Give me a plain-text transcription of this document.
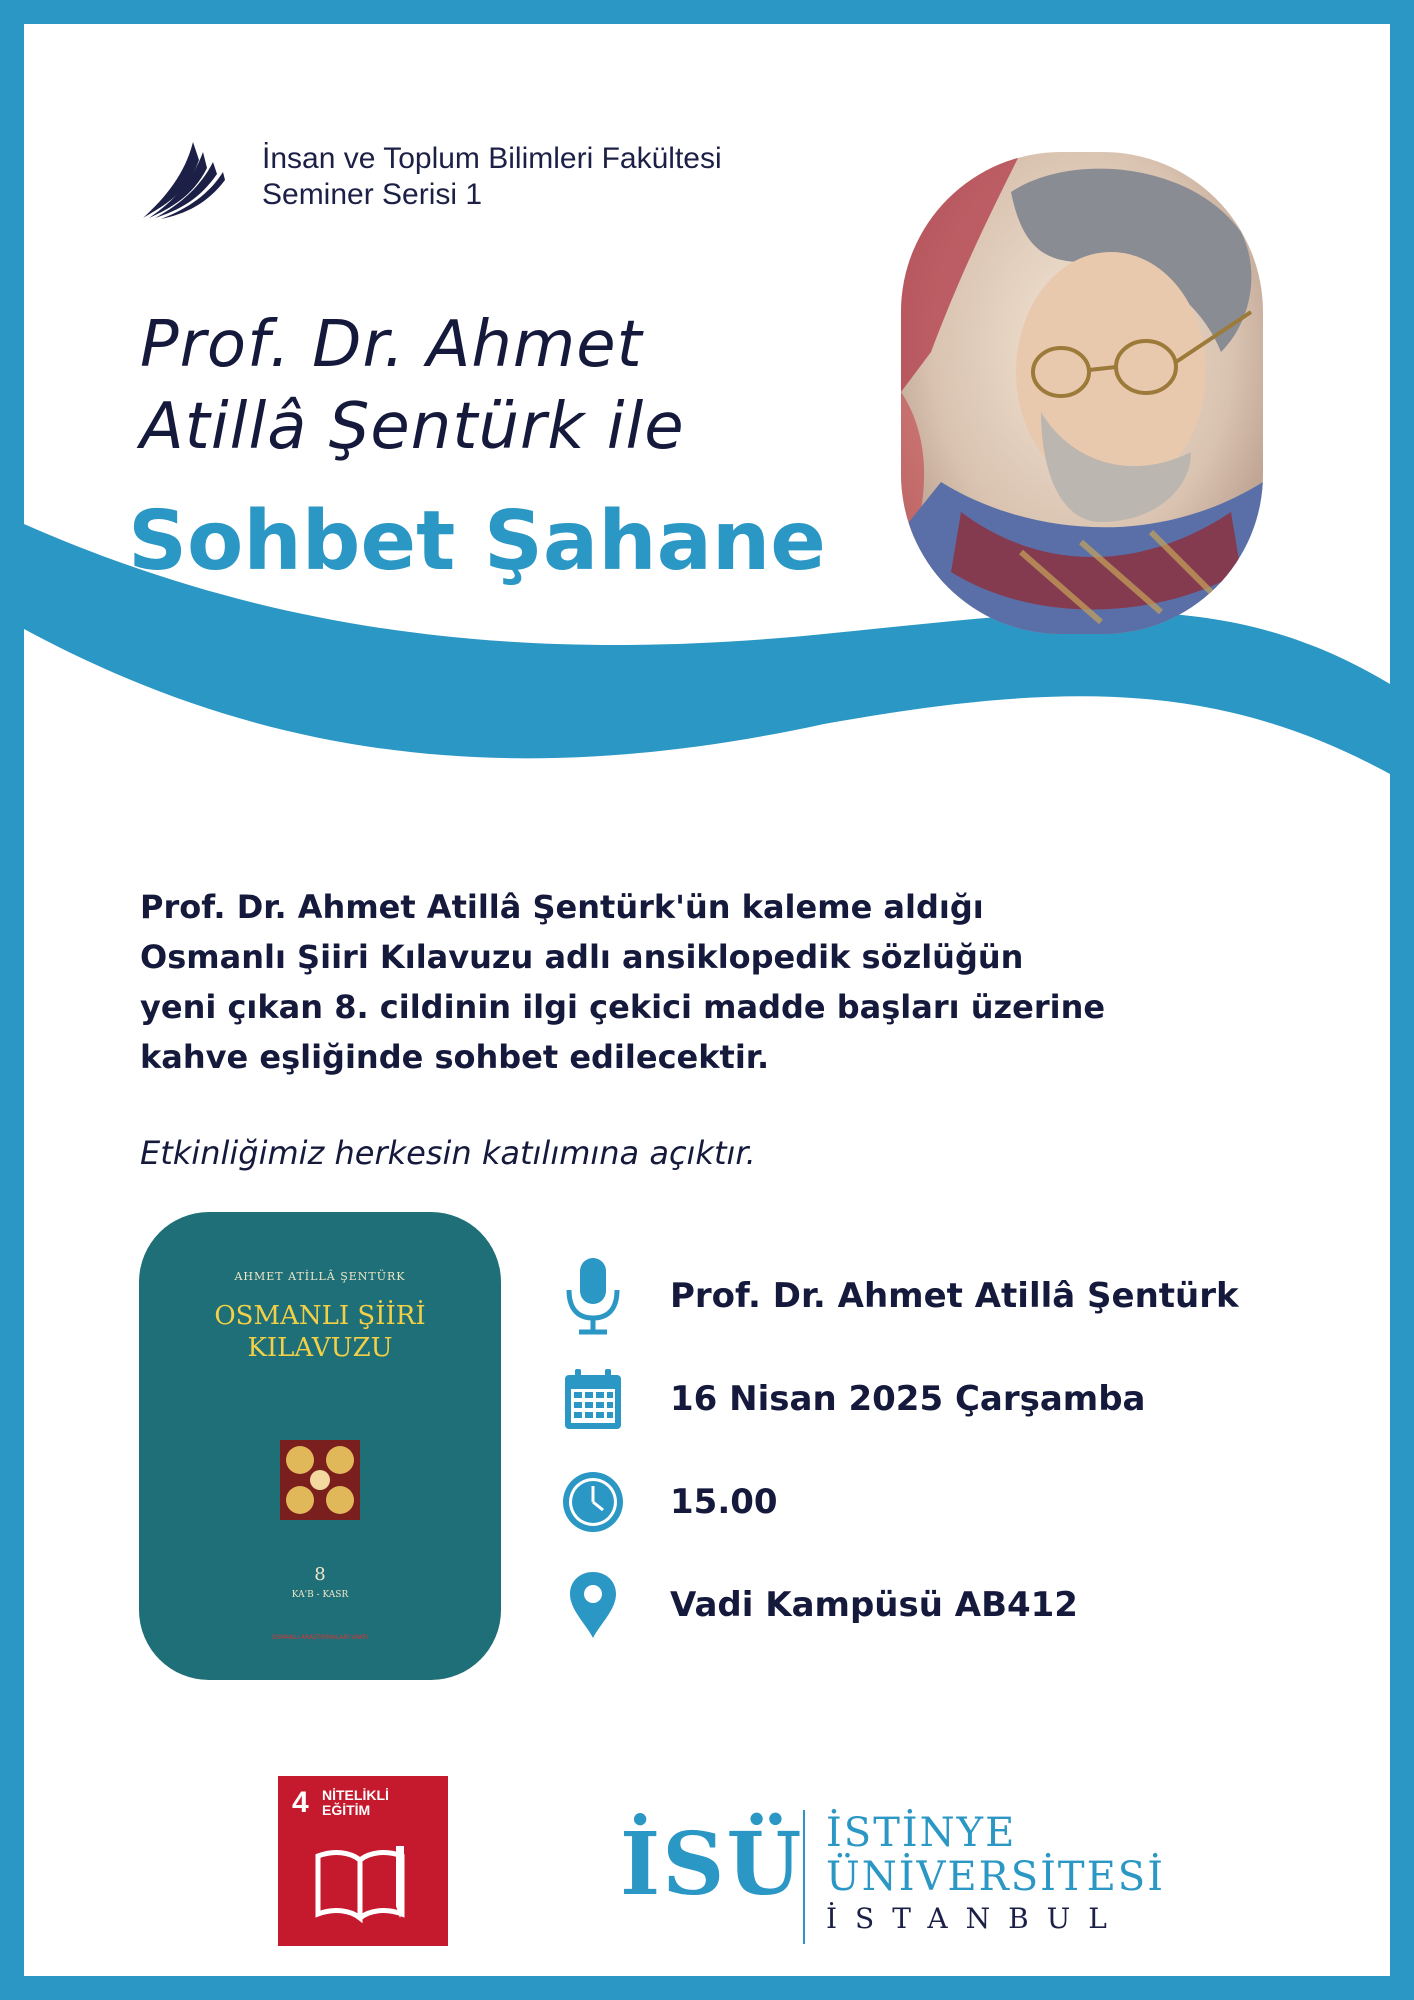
İnsan ve Toplum Bilimleri Fakültesi
Seminer Serisi 1
Prof. Dr. Ahmet
Atillâ Şentürk ile
Sohbet Şahane
Prof. Dr. Ahmet Atillâ Şentürk'ün kaleme aldığı
Osmanlı Şiiri Kılavuzu adlı ansiklopedik sözlüğün
yeni çıkan 8. cildinin ilgi çekici madde başları üzerine
kahve eşliğinde sohbet edilecektir.
Etkinliğimiz herkesin katılımına açıktır.
AHMET ATİLLÂ ŞENTÜRK
OSMANLI ŞİİRİ
KILAVUZU
8
KA'B - KASR
OSMANLI ARAŞTIRMALARI VAKFI
Prof. Dr. Ahmet Atillâ Şentürk
16 Nisan 2025 Çarşamba
15.00
Vadi Kampüsü AB412
4 NİTELİKLİ
EĞİTİM
İSÜ İSTİNYE
ÜNİVERSİTESİ
İSTANBUL
